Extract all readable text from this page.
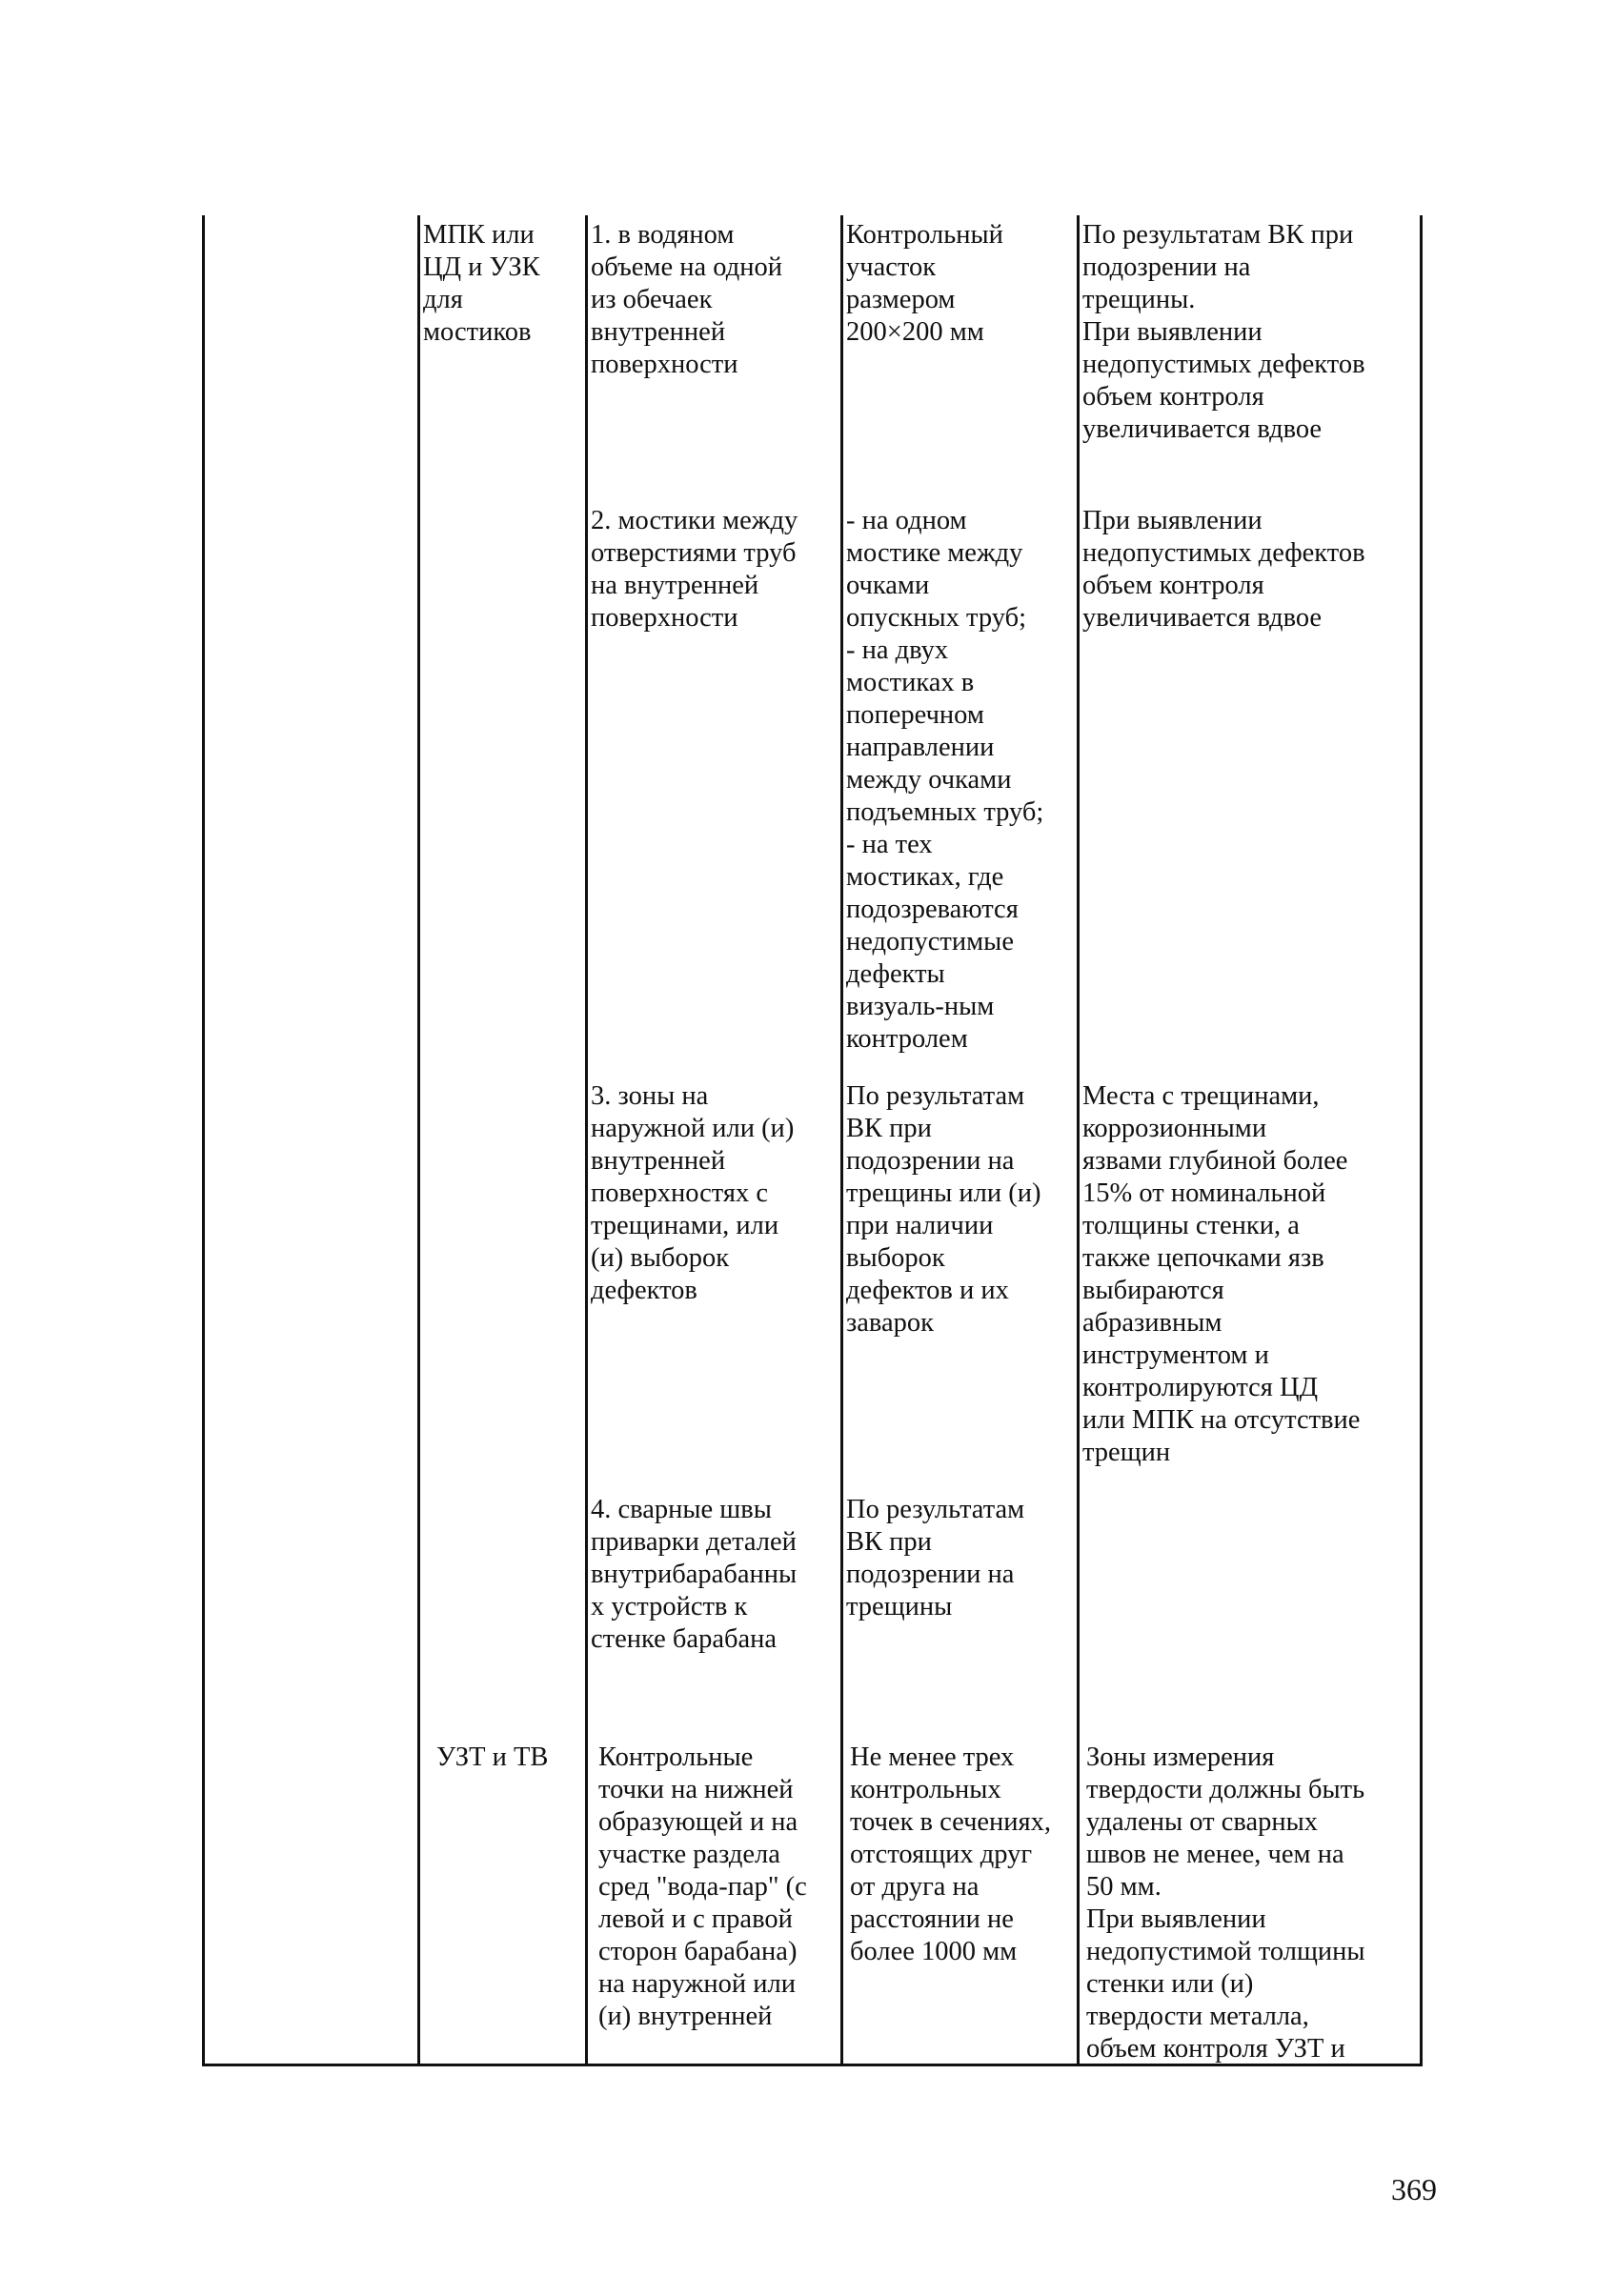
МПК или
ЦД и УЗК
для
мостиков
1. в водяном
объеме на одной
из обечаек
внутренней
поверхности
Контрольный
участок
размером
200×200 мм
По результатам ВК при
подозрении на
трещины.
При выявлении
недопустимых дефектов
объем контроля
увеличивается вдвое
2. мостики между
отверстиями труб
на внутренней
поверхности
- на одном
мостике между
очками
опускных труб;
- на двух
мостиках в
поперечном
направлении
между очками
подъемных труб;
- на тех
мостиках, где
подозреваются
недопустимые
дефекты
визуаль-ным
контролем
При выявлении
недопустимых дефектов
объем контроля
увеличивается вдвое
3. зоны на
наружной или (и)
внутренней
поверхностях с
трещинами, или
(и) выборок
дефектов
По результатам
ВК при
подозрении на
трещины или (и)
при наличии
выборок
дефектов и их
заварок
Места с трещинами,
коррозионными
язвами глубиной более
15% от номинальной
толщины стенки, а
также цепочками язв
выбираются
абразивным
инструментом и
контролируются ЦД
или МПК на отсутствие
трещин
4. сварные швы
приварки деталей
внутрибарабанны
х устройств к
стенке барабана
По результатам
ВК при
подозрении на
трещины
УЗТ и ТВ	Контрольные
точки на нижней
образующей и на
участке раздела
сред "вода-пар" (с
левой и с правой
сторон барабана)
на наружной или
(и) внутренней
Не менее трех
контрольных
точек в сечениях,
отстоящих друг
от друга на
расстоянии не
более 1000 мм
Зоны измерения
твердости должны быть
удалены от сварных
швов не менее, чем на
50 мм.
При выявлении
недопустимой толщины
стенки или (и)
твердости металла,
объем контроля УЗТ и
369
